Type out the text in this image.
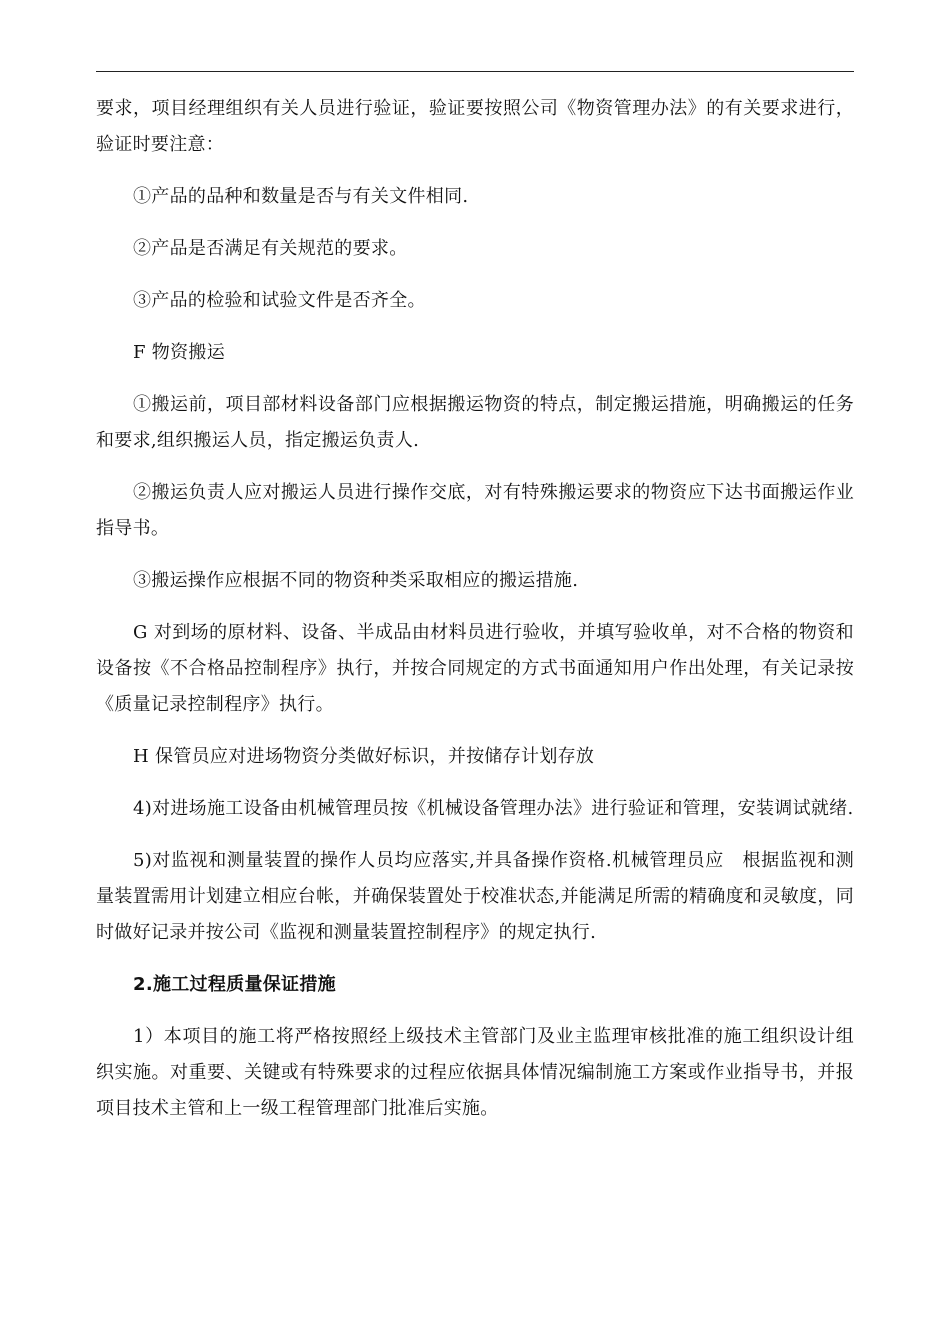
要求，项目经理组织有关人员进行验证，验证要按照公司《物资管理办法》的有关要求进行，验证时要注意：

①产品的品种和数量是否与有关文件相同.

②产品是否满足有关规范的要求。

③产品的检验和试验文件是否齐全。

F 物资搬运

①搬运前，项目部材料设备部门应根据搬运物资的特点，制定搬运措施，明确搬运的任务和要求,组织搬运人员，指定搬运负责人.

②搬运负责人应对搬运人员进行操作交底，对有特殊搬运要求的物资应下达书面搬运作业指导书。

③搬运操作应根据不同的物资种类采取相应的搬运措施.

G 对到场的原材料、设备、半成品由材料员进行验收，并填写验收单，对不合格的物资和设备按《不合格品控制程序》执行，并按合同规定的方式书面通知用户作出处理，有关记录按《质量记录控制程序》执行。

H 保管员应对进场物资分类做好标识，并按储存计划存放

4)对进场施工设备由机械管理员按《机械设备管理办法》进行验证和管理，安装调试就绪.

5)对监视和测量装置的操作人员均应落实,并具备操作资格.机械管理员应　根据监视和测量装置需用计划建立相应台帐，并确保装置处于校准状态,并能满足所需的精确度和灵敏度，同时做好记录并按公司《监视和测量装置控制程序》的规定执行.

2.施工过程质量保证措施

1）本项目的施工将严格按照经上级技术主管部门及业主监理审核批准的施工组织设计组织实施。对重要、关键或有特殊要求的过程应依据具体情况编制施工方案或作业指导书，并报项目技术主管和上一级工程管理部门批准后实施。
